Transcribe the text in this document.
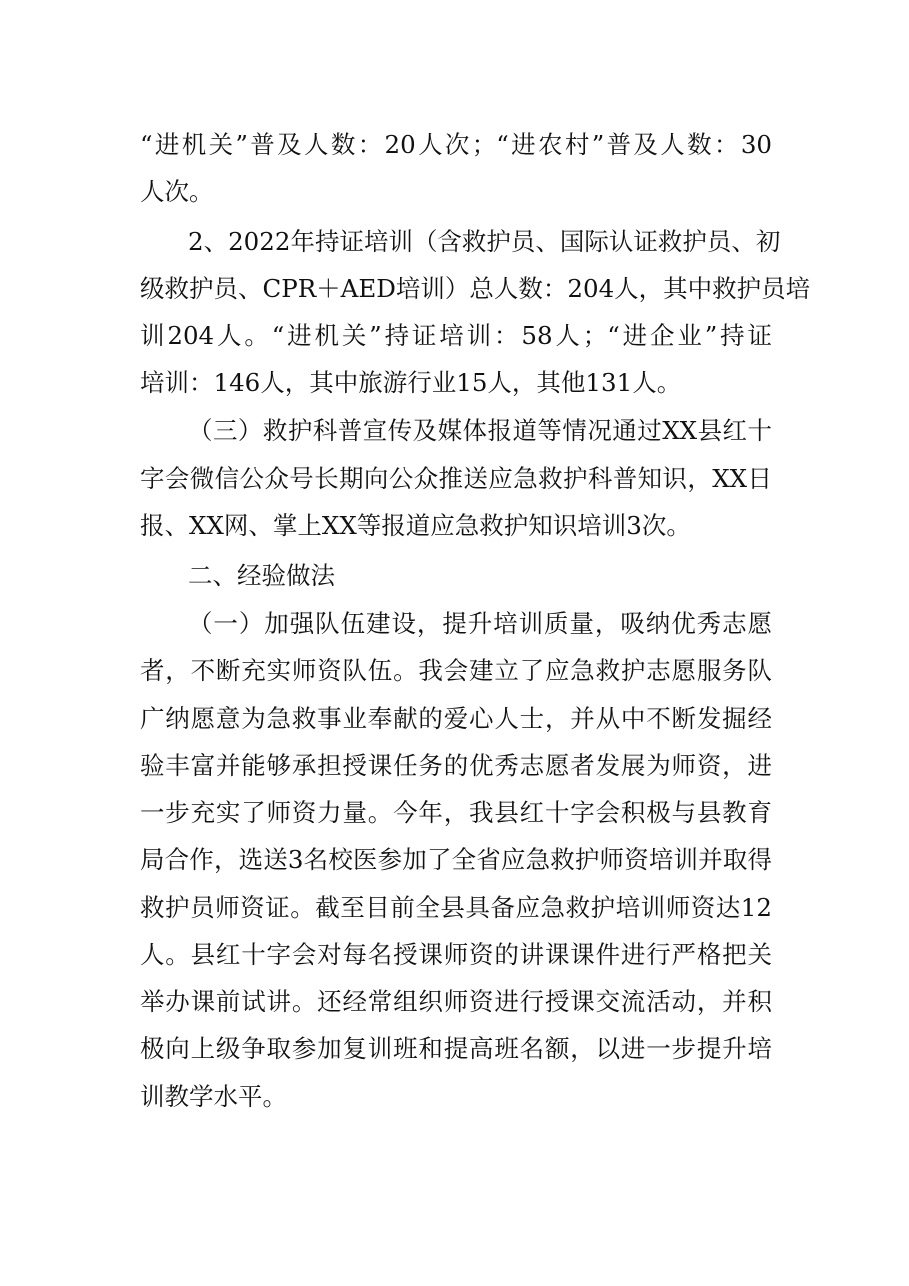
“进机关”普及人数：20人次；“进农村”普及人数：30
人次。
2、2022年持证培训（含救护员、国际认证救护员、初
级救护员、CPR＋AED培训）总人数：204人，其中救护员培
训204人。“进机关”持证培训：58人；“进企业”持证
培训：146人，其中旅游行业15人，其他131人。
（三）救护科普宣传及媒体报道等情况通过XX县红十
字会微信公众号长期向公众推送应急救护科普知识，XX日
报、XX网、掌上XX等报道应急救护知识培训3次。
二、经验做法
（一）加强队伍建设，提升培训质量，吸纳优秀志愿
者，不断充实师资队伍。我会建立了应急救护志愿服务队
广纳愿意为急救事业奉献的爱心人士，并从中不断发掘经
验丰富并能够承担授课任务的优秀志愿者发展为师资，进
一步充实了师资力量。今年，我县红十字会积极与县教育
局合作，选送3名校医参加了全省应急救护师资培训并取得
救护员师资证。截至目前全县具备应急救护培训师资达12
人。县红十字会对每名授课师资的讲课课件进行严格把关
举办课前试讲。还经常组织师资进行授课交流活动，并积
极向上级争取参加复训班和提高班名额，以进一步提升培
训教学水平。
